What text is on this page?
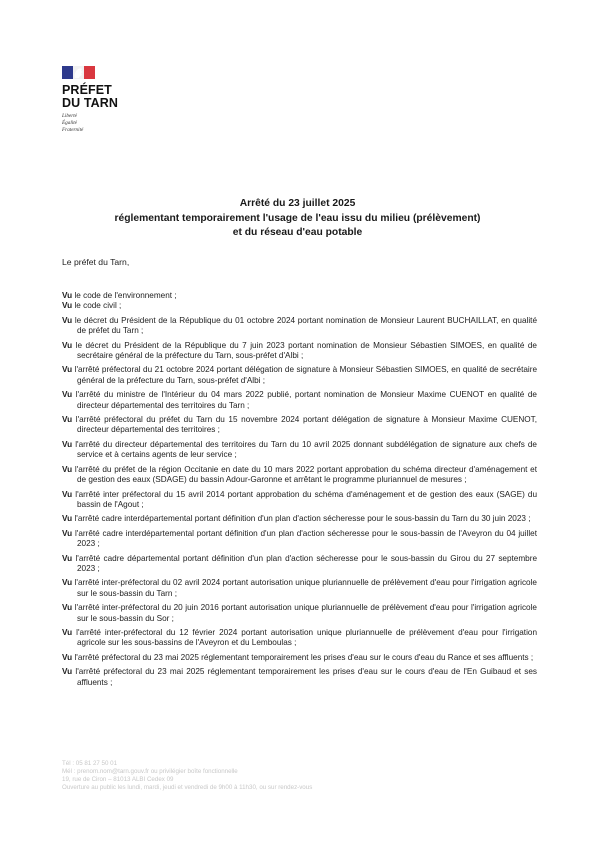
PRÉFET
DU TARN
Liberté
Égalité
Fraternité
Arrêté du 23 juillet 2025
réglementant temporairement l'usage de l'eau issu du milieu (prélèvement)
et du réseau d'eau potable
Le préfet du Tarn,

Vu le code de l'environnement ;

Vu le code civil ;

Vu le décret du Président de la République du 01 octobre 2024 portant nomination de Monsieur Laurent BUCHAILLAT, en qualité de préfet du Tarn ;

Vu le décret du Président de la République du 7 juin 2023 portant nomination de Monsieur Sébastien SIMOES, en qualité de secrétaire général de la préfecture du Tarn, sous-préfet d'Albi ;

Vu l'arrêté préfectoral du 21 octobre 2024 portant délégation de signature à Monsieur Sébastien SIMOES, en qualité de secrétaire général de la préfecture du Tarn, sous-préfet d'Albi ;

Vu l'arrêté du ministre de l'Intérieur du 04 mars 2022 publié, portant nomination de Monsieur Maxime CUENOT en qualité de directeur départemental des territoires du Tarn ;

Vu l'arrêté préfectoral du préfet du Tarn du 15 novembre 2024 portant délégation de signature à Monsieur Maxime CUENOT, directeur départemental des territoires ;

Vu l'arrêté du directeur départemental des territoires du Tarn du 10 avril 2025 donnant subdélégation de signature aux chefs de service et à certains agents de leur service ;

Vu l'arrêté du préfet de la région Occitanie en date du 10 mars 2022 portant approbation du schéma directeur d'aménagement et de gestion des eaux (SDAGE) du bassin Adour-Garonne et arrêtant le programme pluriannuel de mesures ;

Vu l'arrêté inter préfectoral du 15 avril 2014 portant approbation du schéma d'aménagement et de gestion des eaux (SAGE) du bassin de l'Agout ;

Vu l'arrêté cadre interdépartemental portant définition d'un plan d'action sécheresse pour le sous-bassin du Tarn du 30 juin 2023 ;

Vu l'arrêté cadre interdépartemental portant définition d'un plan d'action sécheresse pour le sous-bassin de l'Aveyron du 04 juillet 2023 ;

Vu l'arrêté cadre départemental portant définition d'un plan d'action sécheresse pour le sous-bassin du Girou du 27 septembre 2023 ;

Vu l'arrêté inter-préfectoral du 02 avril 2024 portant autorisation unique pluriannuelle de prélèvement d'eau pour l'irrigation agricole sur le sous-bassin du Tarn ;

Vu l'arrêté inter-préfectoral du 20 juin 2016 portant autorisation unique pluriannuelle de prélèvement d'eau pour l'irrigation agricole sur le sous-bassin du Sor ;

Vu l'arrêté inter-préfectoral du 12 février 2024 portant autorisation unique pluriannuelle de prélèvement d'eau pour l'irrigation agricole sur les sous-bassins de l'Aveyron et du Lemboulas ;

Vu l'arrêté préfectoral du 23 mai 2025 réglementant temporairement les prises d'eau sur le cours d'eau du Rance et ses affluents ;

Vu l'arrêté préfectoral du 23 mai 2025 réglementant temporairement les prises d'eau sur le cours d'eau de l'En Guibaud et ses affluents ;

Tél : 05 81 27 50 01
Mél : prenom.nom@tarn.gouv.fr ou privilégier boîte fonctionnelle
19, rue de Ciron – 81013 ALBI Cedex 09
Ouverture au public les lundi, mardi, jeudi et vendredi de 9h00 à 11h30, ou sur rendez-vous
